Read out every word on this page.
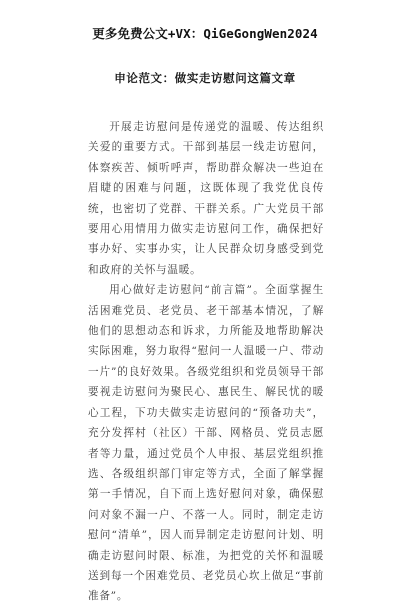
更多免费公文+VX：QiGeGongWen2024
申论范文：做实走访慰问这篇文章

开展走访慰问是传递党的温暖、传达组织关爱的重要方式。干部到基层一线走访慰问，体察疾苦、倾听呼声，帮助群众解决一些迫在眉睫的困难与问题，这既体现了我党优良传统，也密切了党群、干群关系。广大党员干部要用心用情用力做实走访慰问工作，确保把好事办好、实事办实，让人民群众切身感受到党和政府的关怀与温暖。

用心做好走访慰问“前言篇”。全面掌握生活困难党员、老党员、老干部基本情况，了解他们的思想动态和诉求，力所能及地帮助解决实际困难，努力取得“慰问一人温暖一户、带动一片”的良好效果。各级党组织和党员领导干部要视走访慰问为聚民心、惠民生、解民忧的暖心工程，下功夫做实走访慰问的“预备功夫”，充分发挥村（社区）干部、网格员、党员志愿者等力量，通过党员个人申报、基层党组织推选、各级组织部门审定等方式，全面了解掌握第一手情况，自下而上选好慰问对象，确保慰问对象不漏一户、不落一人。同时，制定走访慰问“清单”，因人而异制定走访慰问计划、明确走访慰问时限、标准，为把党的关怀和温暖送到每一个困难党员、老党员心坎上做足“事前准备”。
